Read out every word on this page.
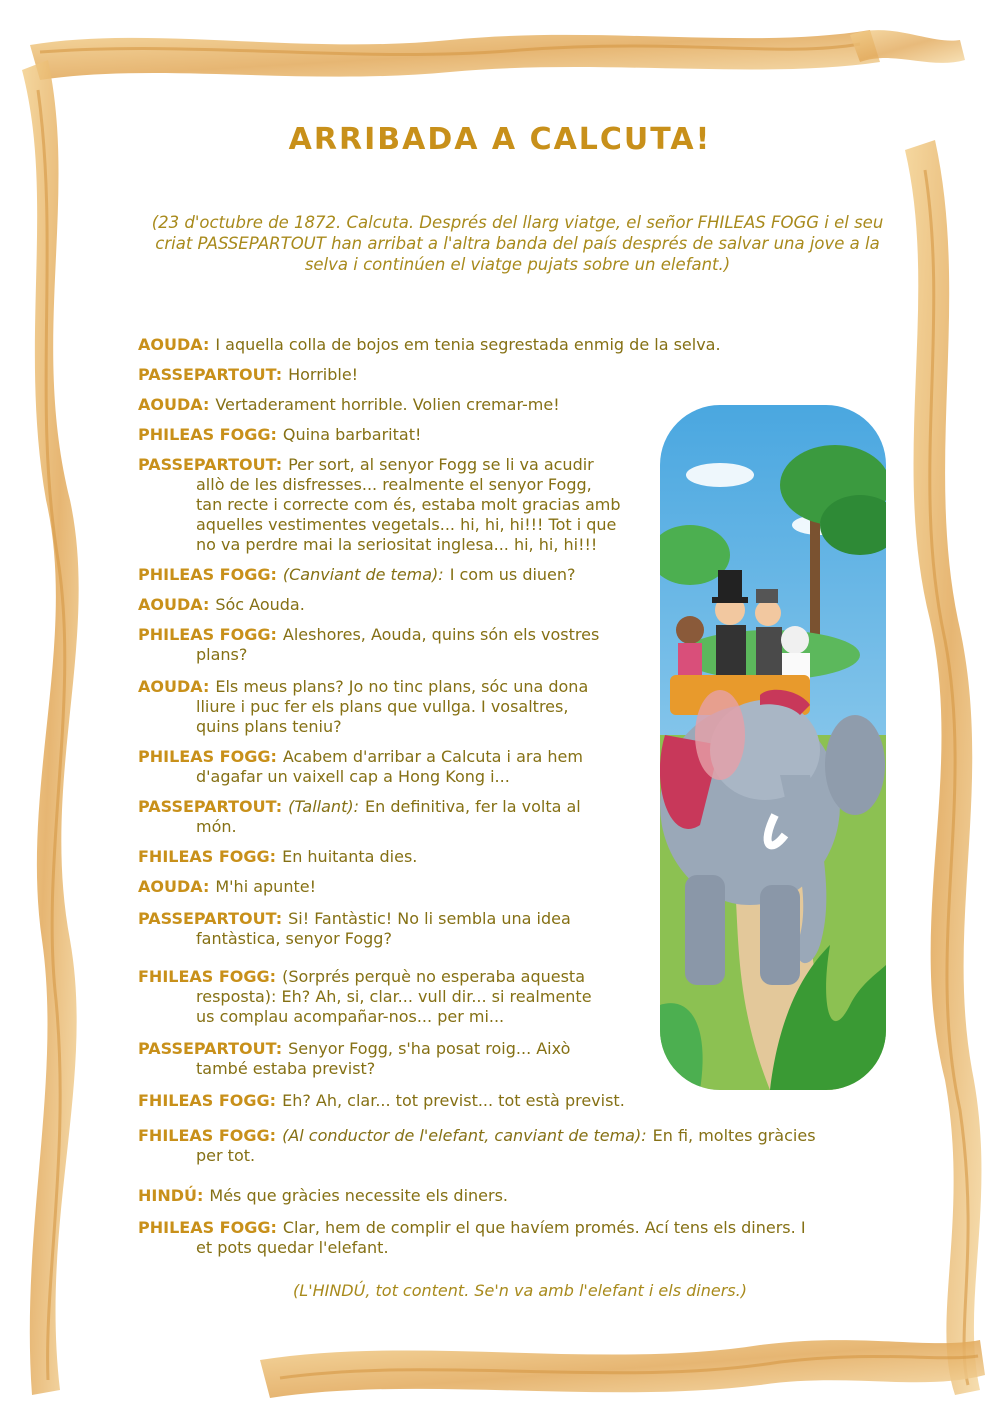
ARRIBADA A CALCUTA!
(23 d'octubre de 1872. Calcuta. Després del llarg viatge, el señor FHILEAS FOGG i el seu criat PASSEPARTOUT han arribat a l'altra banda del país després de salvar una jove a la selva i continúen el viatge pujats sobre un elefant.)
AOUDA: I aquella colla de bojos em tenia segrestada enmig de la selva.
PASSEPARTOUT: Horrible!
AOUDA: Vertaderament horrible. Volien cremar-me!
PHILEAS FOGG: Quina barbaritat!
PASSEPARTOUT: Per sort, al senyor Fogg se li va acudir
allò de les disfresses... realmente el senyor Fogg,
tan recte i correcte com és, estaba molt gracias amb
aquelles vestimentes vegetals... hi, hi, hi!!! Tot i que
no va perdre mai la seriositat inglesa... hi, hi, hi!!!
PHILEAS FOGG: (Canviant de tema): I com us diuen?
AOUDA: Sóc Aouda.
PHILEAS FOGG: Aleshores, Aouda, quins són els vostres
plans?
AOUDA: Els meus plans? Jo no tinc plans, sóc una dona
lliure i puc fer els plans que vullga. I vosaltres,
quins plans teniu?
PHILEAS FOGG: Acabem d'arribar a Calcuta i ara hem
d'agafar un vaixell cap a Hong Kong i...
PASSEPARTOUT: (Tallant): En definitiva, fer la volta al
món.
FHILEAS FOGG: En huitanta dies.
AOUDA: M'hi apunte!
PASSEPARTOUT: Si! Fantàstic! No li sembla una idea
fantàstica, senyor Fogg?
FHILEAS FOGG: (Sorprés perquè no esperaba aquesta
resposta): Eh? Ah, si, clar... vull dir... si realmente
us complau acompañar-nos... per mi...
PASSEPARTOUT: Senyor Fogg, s'ha posat roig... Això
també estaba previst?
FHILEAS FOGG: Eh? Ah, clar... tot previst... tot està previst.
FHILEAS FOGG: (Al conductor de l'elefant, canviant de tema): En fi, moltes gràcies
per tot.
HINDÚ: Més que gràcies necessite els diners.
PHILEAS FOGG: Clar, hem de complir el que havíem promés. Ací tens els diners. I
et pots quedar l'elefant.
(L'HINDÚ, tot content. Se'n va amb l'elefant i els diners.)
